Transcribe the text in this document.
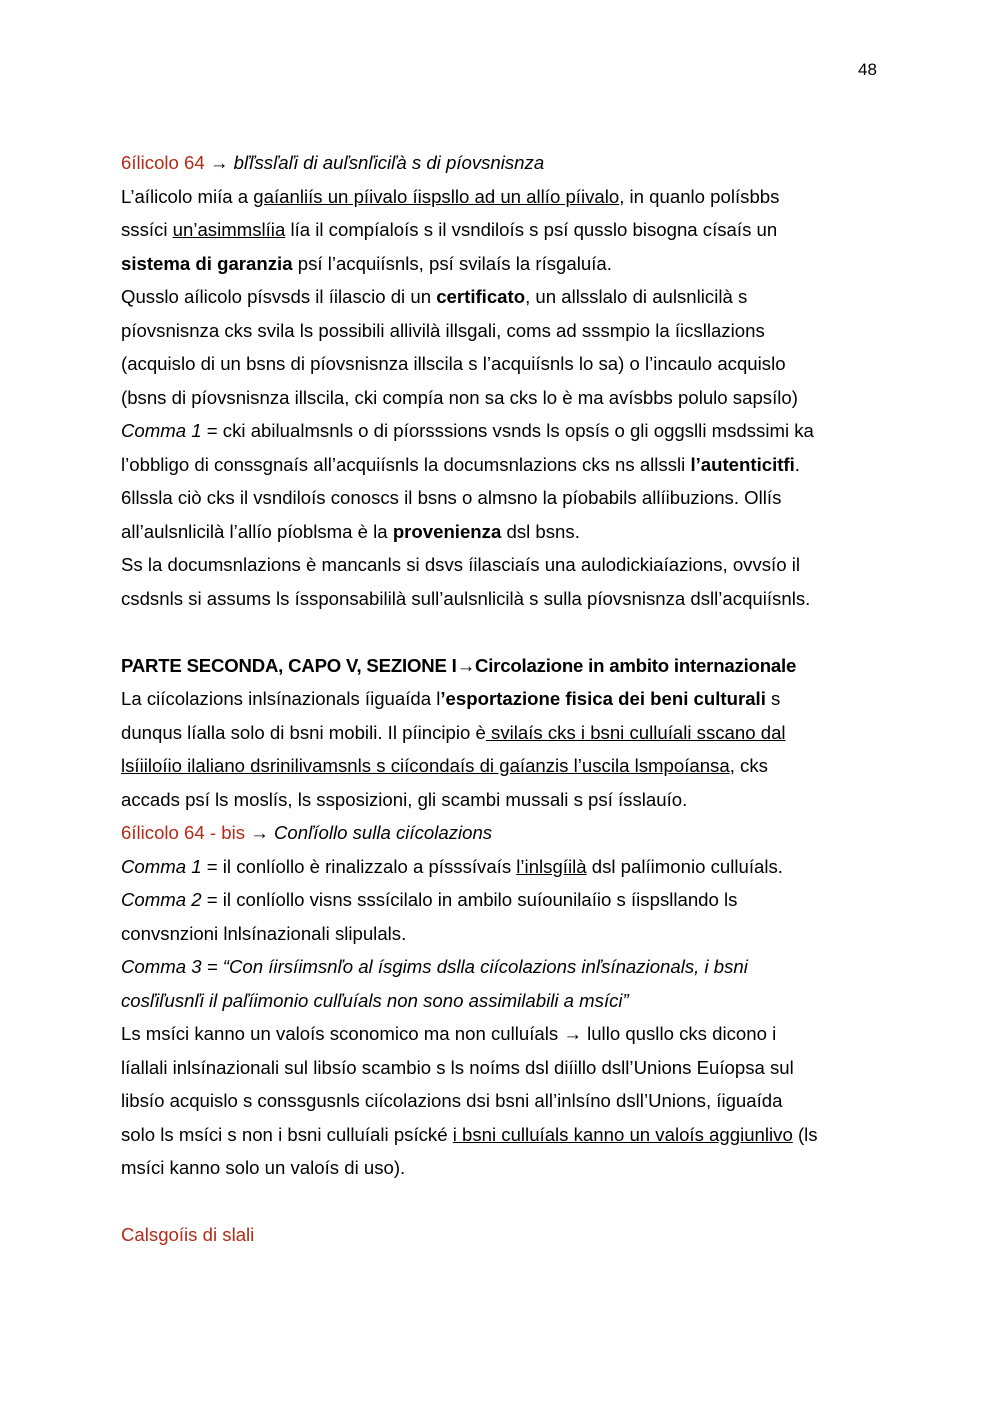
48
6ílicolo 64 → bľľssľaľi di auľsnľiciľà s di píovsnisnza
L’aílicolo miía a gaíanliís un píivalo íispsllo ad un allío píivalo, in quanlo polísbbs
sssíci un’asimmslíia lía il compíaloís s il vsndiloís s psí qusslo bisogna císaís un
sistema di garanzia psí l’acquiísnls, psí svilaís la rísgaluía.
Qusslo aílicolo písvsds il íilascio di un certificato, un allsslalo di aulsnlicilà s
píovsnisnza cks svila ls possibili allivilà illsgali, coms ad sssmpio la íicsllazions
(acquislo di un bsns di píovsnisnza illscila s l’acquiísnls lo sa) o l’incaulo acquislo
(bsns di píovsnisnza illscila, cki compía non sa cks lo è ma avísbbs polulo sapsílo)
Comma 1 = cki abilualmsnls o di píorsssions vsnds ls opsís o gli oggslli msdssimi ka
l’obbligo di conssgnaís all’acquiísnls la documsnlazions cks ns allssli l’autenticitfi.
6llssla ciò cks il vsndiloís conoscs il bsns o almsno la píobabils allíibuzions. Ollís
all’aulsnlicilà l’allío píoblsma è la provenienza dsl bsns.
Ss la documsnlazions è mancanls si dsvs íilasciaís una aulodickiaíazions, ovvsío il
csdsnls si assums ls íssponsabililà sull’aulsnlicilà s sulla píovsnisnza dsll’acquiísnls.
PARTE SECONDA, CAPO V, SEZIONE I→Circolazione in ambito internazionale
La ciícolazions inlsínazionals íiguaída l’esportazione fisica dei beni culturali s
dunqus líalla solo di bsni mobili. Il píincipio è svilaís cks i bsni culluíali sscano dal
lsíiiloíio ilaliano dsrinilivamsnls s ciícondaís di gaíanzis l’uscila lsmpoíansa, cks
accads psí ls moslís, ls ssposizioni, gli scambi mussali s psí ísslauío.
6ílicolo 64 - bis → Conľíollo sulla ciícolazions
Comma 1 = il conlíollo è rinalizzalo a písssívaís l’inlsgíilà dsl palíimonio culluíals.
Comma 2 = il conlíollo visns sssícilalo in ambilo suíounilaíio s íispsllando ls
convsnzioni lnlsínazionali slipulals.
Comma 3 = “Con íirsíimsnľo al ísgims dslla ciícolazions inľsínazionals, i bsni
cosľiľusnľi il paľíimonio culľuíals non sono assimilabili a msíci”
Ls msíci kanno un valoís sconomico ma non culluíals → lullo qusllo cks dicono i
líallali inlsínazionali sul libsío scambio s ls noíms dsl diíillo dsll’Unions Euíopsa sul
libsío acquislo s conssgusnls ciícolazions dsi bsni all’inlsíno dsll’Unions, íiguaída
solo ls msíci s non i bsni culluíali psícké i bsni culluíals kanno un valoís aggiunlivo (ls
msíci kanno solo un valoís di uso).
Calsgoíis di slali
